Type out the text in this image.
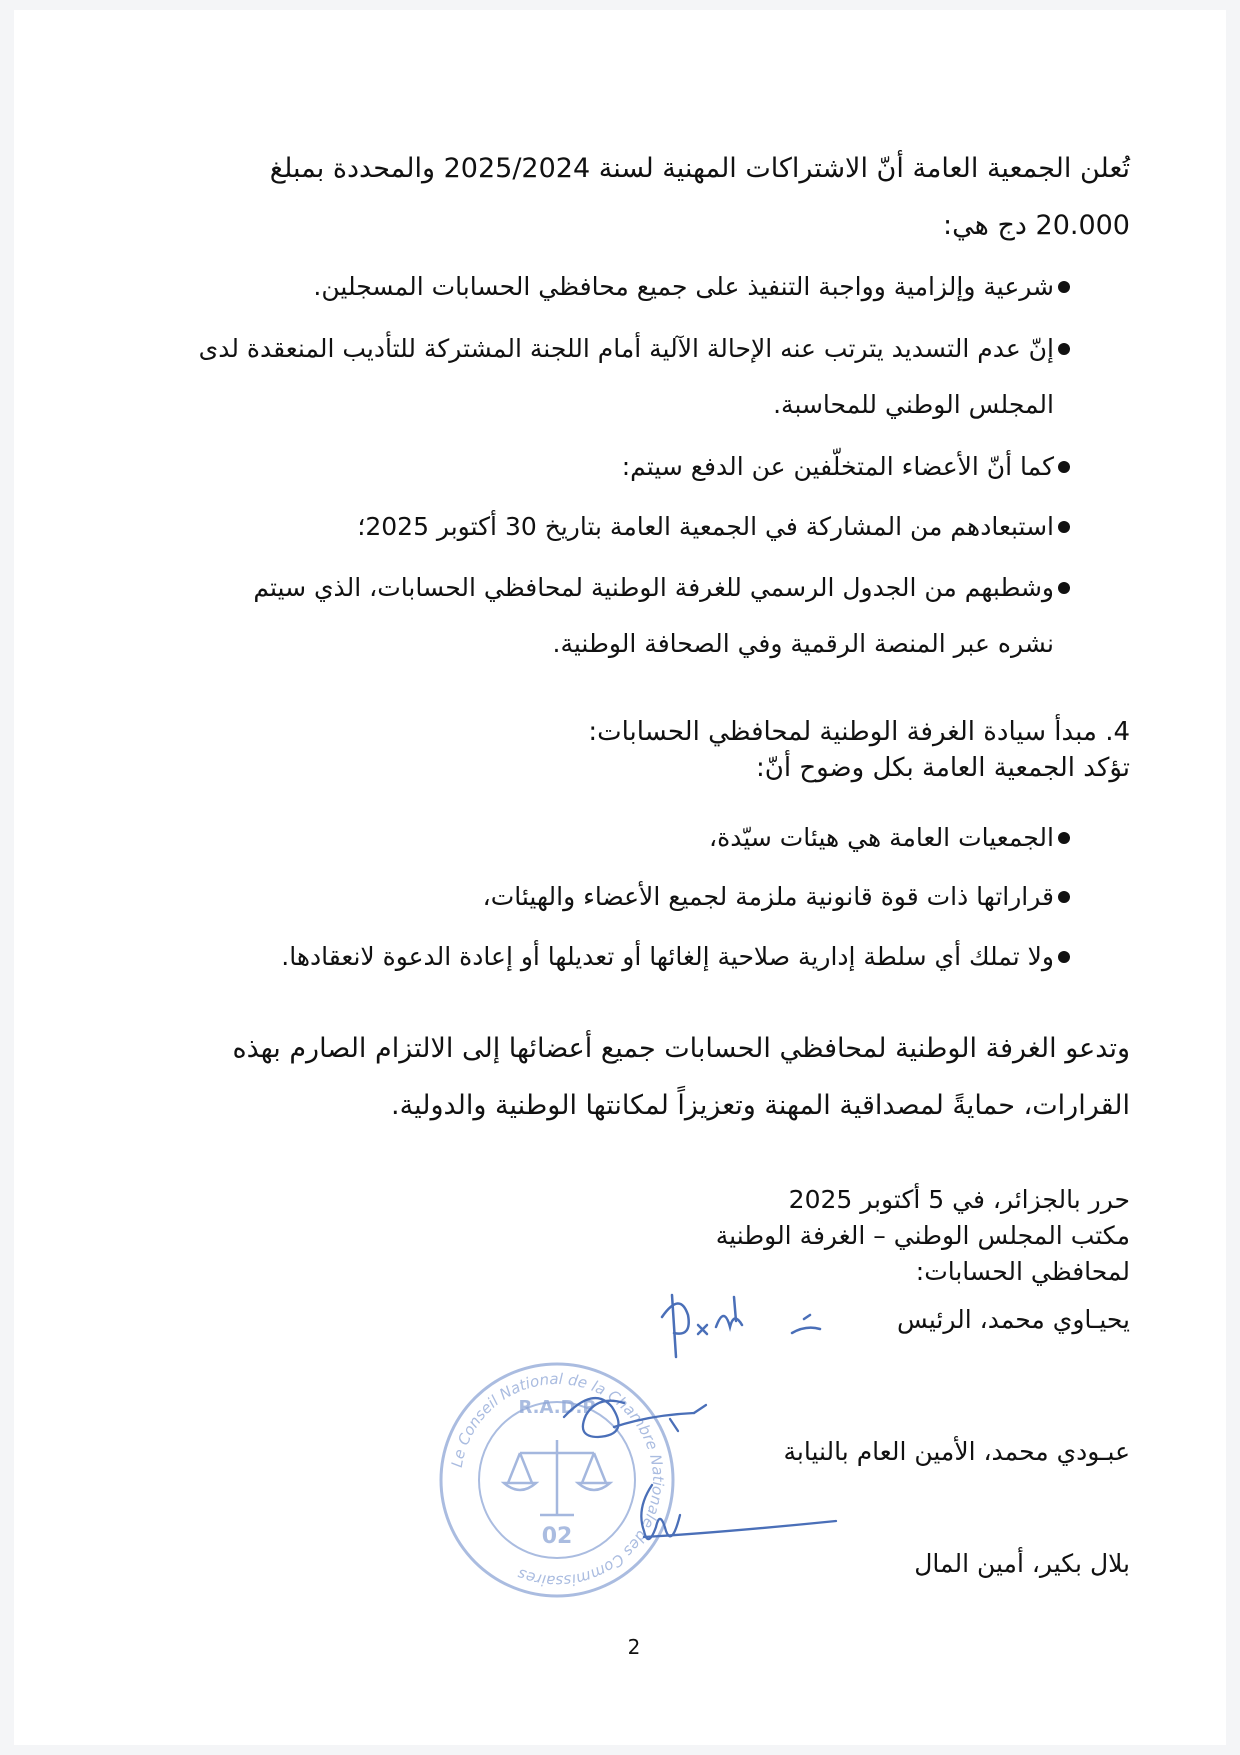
تُعلن الجمعية العامة أنّ الاشتراكات المهنية لسنة 2025/2024 والمحددة بمبلغ 20.000 دج هي:
شرعية وإلزامية وواجبة التنفيذ على جميع محافظي الحسابات المسجلين.
إنّ عدم التسديد يترتب عنه الإحالة الآلية أمام اللجنة المشتركة للتأديب المنعقدة لدى المجلس الوطني للمحاسبة.
كما أنّ الأعضاء المتخلّفين عن الدفع سيتم:
استبعادهم من المشاركة في الجمعية العامة بتاريخ 30 أكتوبر 2025؛
وشطبهم من الجدول الرسمي للغرفة الوطنية لمحافظي الحسابات، الذي سيتم نشره عبر المنصة الرقمية وفي الصحافة الوطنية.
4. مبدأ سيادة الغرفة الوطنية لمحافظي الحسابات:
تؤكد الجمعية العامة بكل وضوح أنّ:
الجمعيات العامة هي هيئات سيّدة،
قراراتها ذات قوة قانونية ملزمة لجميع الأعضاء والهيئات،
ولا تملك أي سلطة إدارية صلاحية إلغائها أو تعديلها أو إعادة الدعوة لانعقادها.
وتدعو الغرفة الوطنية لمحافظي الحسابات جميع أعضائها إلى الالتزام الصارم بهذه القرارات، حمايةً لمصداقية المهنة وتعزيزاً لمكانتها الوطنية والدولية.
حرر بالجزائر، في 5 أكتوبر 2025
مكتب المجلس الوطني – الغرفة الوطنية لمحافظي الحسابات:
يحيـاوي محمد، الرئيس
عبـودي محمد، الأمين العام بالنيابة
بلال بكير، أمين المال
Le Conseil National de la Chambre Nationale des Commissaires
R.A.D.P
02
2
